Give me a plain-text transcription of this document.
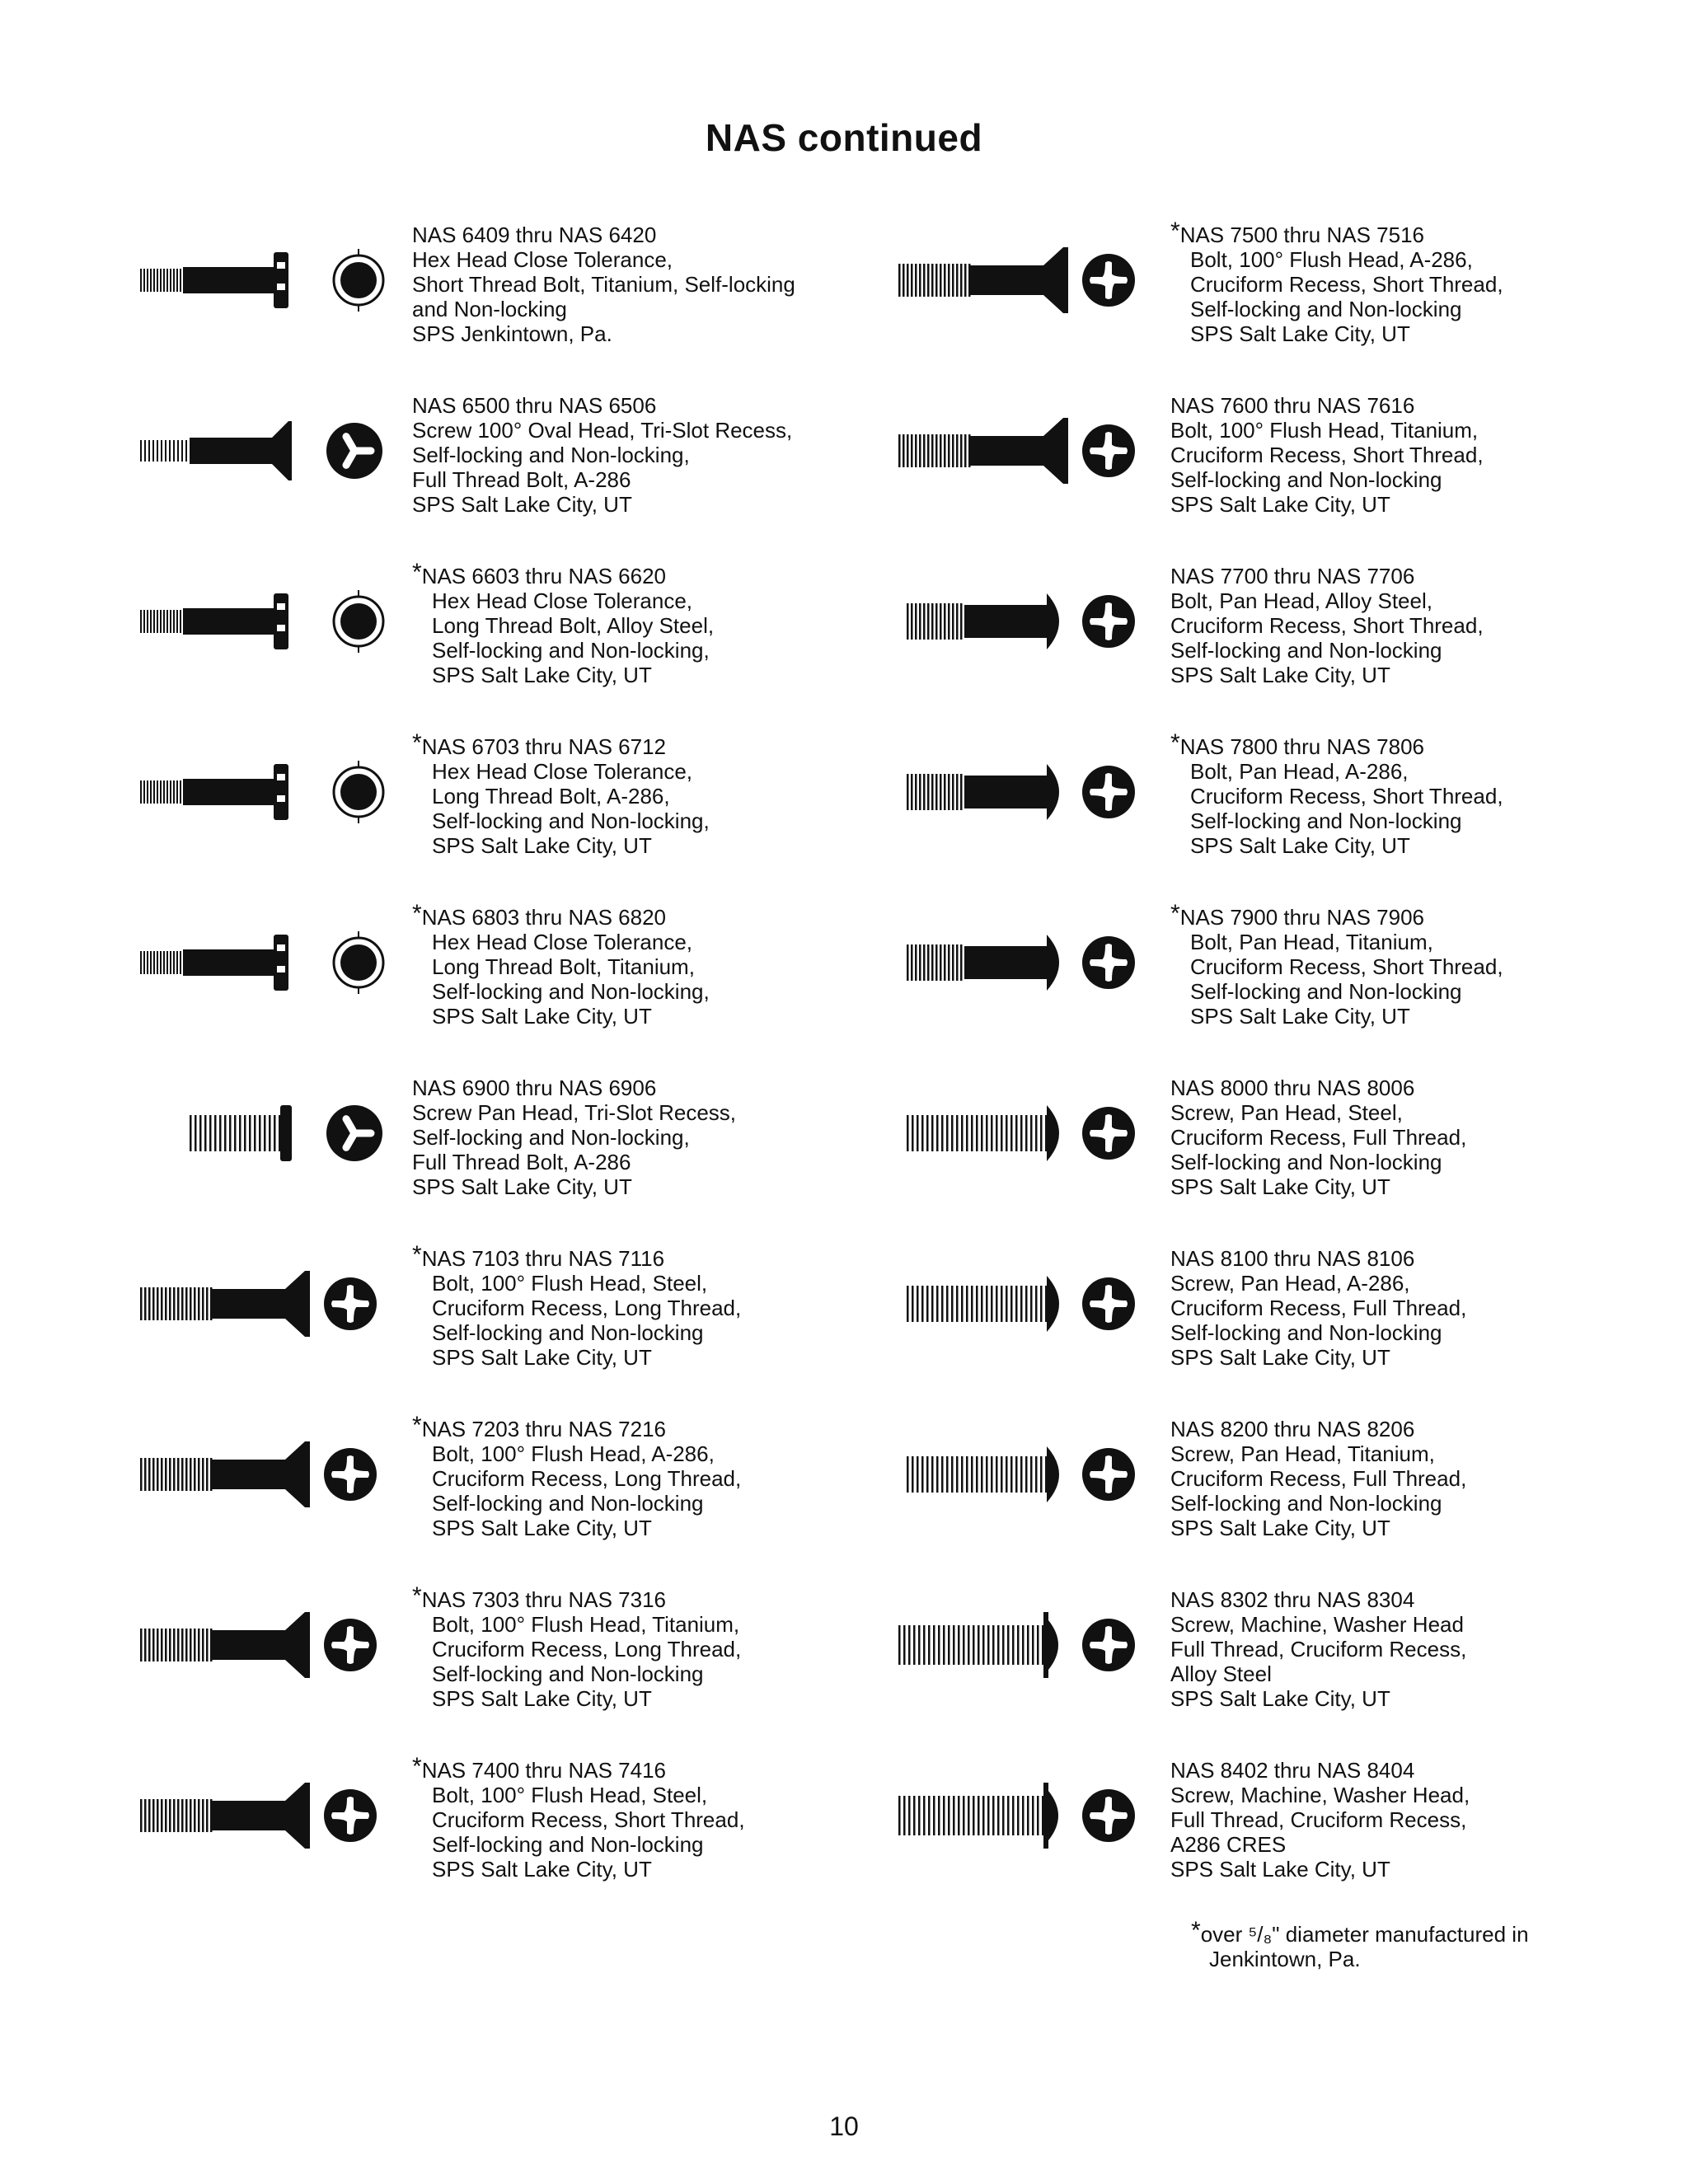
NAS continued
NAS 6409 thru NAS 6420
Hex Head Close Tolerance,
Short Thread Bolt, Titanium, Self-locking
and Non-locking
SPS Jenkintown, Pa.
NAS 6500 thru NAS 6506
Screw 100° Oval Head, Tri-Slot Recess,
Self-locking and Non-locking,
Full Thread Bolt, A-286
SPS Salt Lake City, UT
*NAS 6603 thru NAS 6620
Hex Head Close Tolerance,
Long Thread Bolt, Alloy Steel,
Self-locking and Non-locking,
SPS Salt Lake City, UT
*NAS 6703 thru NAS 6712
Hex Head Close Tolerance,
Long Thread Bolt, A-286,
Self-locking and Non-locking,
SPS Salt Lake City, UT
*NAS 6803 thru NAS 6820
Hex Head Close Tolerance,
Long Thread Bolt, Titanium,
Self-locking and Non-locking,
SPS Salt Lake City, UT
NAS 6900 thru NAS 6906
Screw Pan Head, Tri-Slot Recess,
Self-locking and Non-locking,
Full Thread Bolt, A-286
SPS Salt Lake City, UT
*NAS 7103 thru NAS 7116
Bolt, 100° Flush Head, Steel,
Cruciform Recess, Long Thread,
Self-locking and Non-locking
SPS Salt Lake City, UT
*NAS 7203 thru NAS 7216
Bolt, 100° Flush Head, A-286,
Cruciform Recess, Long Thread,
Self-locking and Non-locking
SPS Salt Lake City, UT
*NAS 7303 thru NAS 7316
Bolt, 100° Flush Head, Titanium,
Cruciform Recess, Long Thread,
Self-locking and Non-locking
SPS Salt Lake City, UT
*NAS 7400 thru NAS 7416
Bolt, 100° Flush Head, Steel,
Cruciform Recess, Short Thread,
Self-locking and Non-locking
SPS Salt Lake City, UT
*NAS 7500 thru NAS 7516
Bolt, 100° Flush Head, A-286,
Cruciform Recess, Short Thread,
Self-locking and Non-locking
SPS Salt Lake City, UT
NAS 7600 thru NAS 7616
Bolt, 100° Flush Head, Titanium,
Cruciform Recess, Short Thread,
Self-locking and Non-locking
SPS Salt Lake City, UT
NAS 7700 thru NAS 7706
Bolt, Pan Head, Alloy Steel,
Cruciform Recess, Short Thread,
Self-locking and Non-locking
SPS Salt Lake City, UT
*NAS 7800 thru NAS 7806
Bolt, Pan Head, A-286,
Cruciform Recess, Short Thread,
Self-locking and Non-locking
SPS Salt Lake City, UT
*NAS 7900 thru NAS 7906
Bolt, Pan Head, Titanium,
Cruciform Recess, Short Thread,
Self-locking and Non-locking
SPS Salt Lake City, UT
NAS 8000 thru NAS 8006
Screw, Pan Head, Steel,
Cruciform Recess, Full Thread,
Self-locking and Non-locking
SPS Salt Lake City, UT
NAS 8100 thru NAS 8106
Screw, Pan Head, A-286,
Cruciform Recess, Full Thread,
Self-locking and Non-locking
SPS Salt Lake City, UT
NAS 8200 thru NAS 8206
Screw, Pan Head, Titanium,
Cruciform Recess, Full Thread,
Self-locking and Non-locking
SPS Salt Lake City, UT
NAS 8302 thru NAS 8304
Screw, Machine, Washer Head
Full Thread, Cruciform Recess,
Alloy Steel
SPS Salt Lake City, UT
NAS 8402 thru NAS 8404
Screw, Machine, Washer Head,
Full Thread, Cruciform Recess,
A286 CRES
SPS Salt Lake City, UT
*over ⁵/₈" diameter manufactured in
Jenkintown, Pa.
10
